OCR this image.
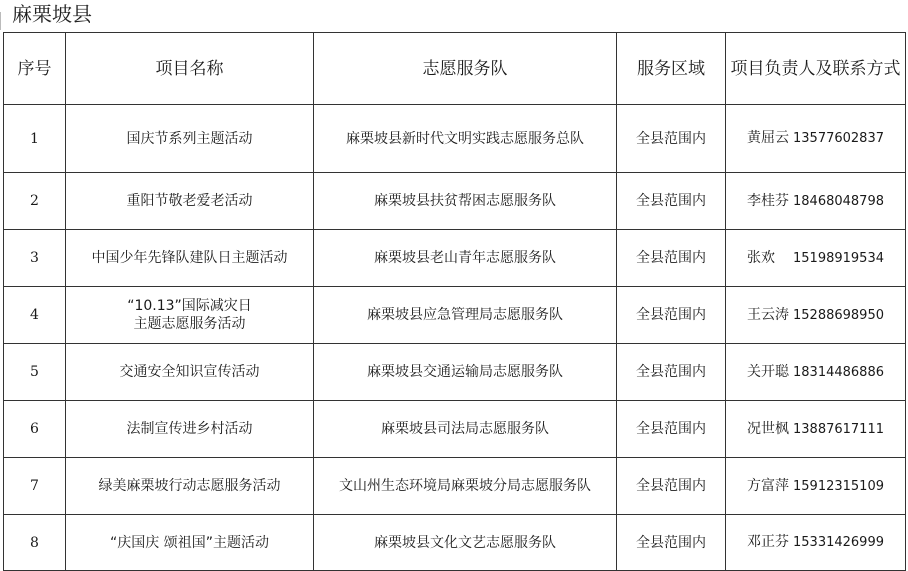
麻栗坡县
序号	项目名称	志愿服务队	服务区域	项目负责人及联系方式
1	国庆节系列主题活动	麻栗坡县新时代文明实践志愿服务总队	全县范围内	黄屈云 13577602837
2	重阳节敬老爱老活动	麻栗坡县扶贫帮困志愿服务队	全县范围内	李桂芬 18468048798
3	中国少年先锋队建队日主题活动	麻栗坡县老山青年志愿服务队	全县范围内	张欢 15198919534
4	“10.13”国际减灾日
主题志愿服务活动	麻栗坡县应急管理局志愿服务队	全县范围内	王云涛 15288698950
5	交通安全知识宣传活动	麻栗坡县交通运输局志愿服务队	全县范围内	关开聪 18314486886
6	法制宣传进乡村活动	麻栗坡县司法局志愿服务队	全县范围内	况世枫 13887617111
7	绿美麻栗坡行动志愿服务活动	文山州生态环境局麻栗坡分局志愿服务队	全县范围内	方富萍 15912315109
8	“庆国庆 颂祖国”主题活动	麻栗坡县文化文艺志愿服务队	全县范围内	邓正芬 15331426999
